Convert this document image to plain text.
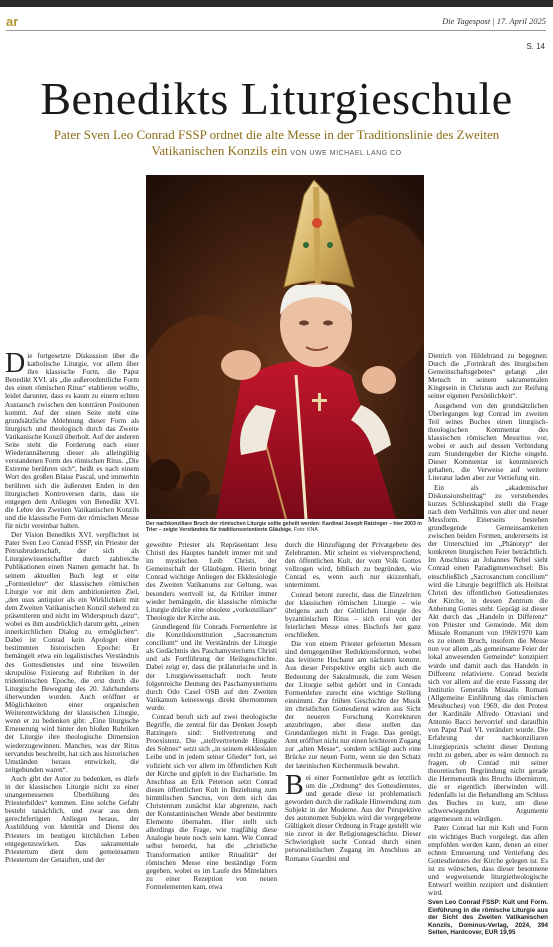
ar	Die Tagespost | 17. April 2025
S. 14
Benedikts Liturgieschule
Pater Sven Leo Conrad FSSP ordnet die alte Messe in der Traditionslinie des Zweiten Vatikanischen Konzils ein VON UWE MICHAEL LANG CO
Der nachkonziliare Bruch der römischen Liturgie sollte geheilt werden: Kardinal Joseph Ratzinger – hier 2003 in Trier – zeigte Verständnis für traditionsorientierte Gläubige. Foto: KNA

Die fortgesetzte Diskussion über die katholische Liturgie, vor allem über ihre klassische Form, die Papst Benedikt XVI. als „die außerordentliche Form des einen römischen Ritus“ etablieren wollte, leidet darunter, dass es kaum zu einem echten Austausch zwischen den konträren Positionen kommt. Auf der einen Seite steht eine grundsätzliche Ablehnung dieser Form als liturgisch und theologisch durch das Zweite Vatikanische Konzil überholt. Auf der anderen Seite steht die Forderung nach einer Wiederannäherung dieser als alleingültig verstandenen Form des römischen Ritus. „Die Extreme berühren sich“, heißt es nach einem Wort des großen Blaise Pascal, und immerhin berühren sich die äußersten Enden in den liturgischen Kontroversen darin, dass sie entgegen dem Anliegen von Benedikt XVI. die Lehre des Zweiten Vatikanischen Konzils und die klassische Form der römischen Messe für nicht vereinbar halten.

Der Vision Benedikts XVI. verpflichtet ist Pater Sven Leo Conrad FSSP, ein Priester der Petrusbruderschaft, der sich als Liturgiewissenschaftler durch zahlreiche Publikationen einen Namen gemacht hat. In seinem aktuellen Buch legt er eine „Formenlehre“ der klassischen römischen Liturgie vor mit dem ambitionierten Ziel, „den usus antiquior als ein Wirklichkeit mit dem Zweiten Vatikanischen Konzil stehend zu präsentieren und nicht im Widerspruch dazu“, wobei es ihm ausdrücklich darum geht, „einen innerkirchlichen Dialog zu ermöglichen“. Dabei ist Conrad kein Apologet einer bestimmten historischen Epoche: Er bemängelt etwa ein legalistisches Verständnis des Gottesdienstes und eine bisweilen skrupulöse Fixierung auf Rubriken in der tridentinischen Epoche, die erst durch die Liturgische Bewegung des 20. Jahrhunderts überwunden wurden. Auch eröffnet er Möglichkeiten einer organischen Weiterentwicklung der klassischen Liturgie, wenn er zu bedenken gibt: „Eine liturgische Erneuerung wird hinter den bloßen Rubriken der Liturgie ihre theologische Dimension wiederzugewinnen. Manches, was der Ritus servandus beschreibt, hat sich aus historischen Umständen heraus entwickelt, die zeitgebunden waren“.

Auch gibt der Autor zu bedenken, es dürfe in der klassischen Liturgie nicht zu einer unangemessenen Überhöhung des Priesterbildes“ kommen. Eine solche Gefahr besteht tatsächlich, und zwar aus dem gerechtfertigten Anliegen heraus, der Ausbildung von Identität und Dienst des Priesters im heutigen kirchlichen Leben entgegenzuwirken. Das sakramentale Priestertum dient dem gemeinsamen Priestertum der Getauften, und der

geweihte Priester als Repräsentant Jesu Christi des Hauptes handelt immer mit und im mystischen Leib Christi, der Gemeinschaft der Gläubigen. Hierin bringt Conrad wichtige Anliegen der Ekklesiologie des Zweiten Vatikanums zur Geltung, was besonders wertvoll ist, da Kritiker immer wieder bemängeln, die klassische römische Liturgie drücke eine obsolete „vorkonziliare“ Theologie der Kirche aus.

Grundlegend für Conrads Formenlehre ist die Konzilskonstitution „Sacrosanctum concilium“ und ihr Verständnis der Liturgie als Gedächtnis des Paschamysteriums Christi und als Fortführung der Heilsgeschichte. Dabei zeigt er, dass die prälaturische und in der Liturgiewissenschaft noch heute folgenreiche Deutung des Paschamysteriums durch Odo Casel OSB auf den Zweiten Vatikanum keineswegs direkt übernommen wurde.

Conrad beruft sich auf zwei theologische Begriffe, die zentral für das Denken Joseph Ratzingers sind: Stellvertretung und Proexistenz. Die „stellvertretende Hingabe des Sohnes“ setzt sich „in seinem ekklesialen Leibe und in jedem seiner Glieder“ fort, sei vollzieht sich vor allem im öffentlichen Kult der Kirche und gipfelt in der Eucharistie. Im Anschluss an Erik Peterson setzt Conrad diesen öffentlichen Kult in Beziehung zum himmlischen Sanctus, von dem sich das Christentum zunächst klar abgrenzte, nach der Konstantinischen Wende aber bestimmte Elemente übernahm. Hier stellt sich allerdings die Frage, wie tragfähig diese Analogie heute noch sein kann. Wie Conrad selbst bemerkt, hat die „christliche Transformation antiker Ritualität“ der römischen Messe eine beständige Form gegeben, wobei es im Laufe des Mittelalters zu einer Rezeption von neuen Formelementen kam, etwa

durch die Hinzufügung der Privatgebete des Zelebranten. Mir scheint es vielversprechend, den öffentlichen Kult, der vom Volk Gottes vollzogen wird, biblisch zu begründen, wie Conrad es, wenn auch nur skizzenhaft, unternimmt.

Conrad betont zurecht, dass die Einzelriten der klassischen römischen Liturgie – wie übrigens auch der Göttlichen Liturgie des byzantinischen Ritus – sich erst von der feierlichen Messe eines Bischofs her ganz erschließen.

Die von einem Priester gefeierten Messen sind demgegenüber Reduktionsformen, wobei das levitierte Hochamt am nächsten kommt. Aus dieser Perspektive ergibt sich auch die Bedeutung der Sakralmusik, die zum Wesen der Liturgie selbst gehört und in Conrads Formenlehre zurecht eine wichtige Stellung einnimmt. Zur frühen Geschichte der Musik im christlichen Gottesdienst wären aus Sicht der neueren Forschung Korrekturen anzubringen, aber diese stellen das Grundanliegen nicht in Frage. Das genügt, Amt eröffnet nicht nur einen leichteren Zugang zur „alten Messe“, sondern schlägt auch eine Brücke zur neuen Form, wenn sie den Schatz der lateinischen Kirchenmusik bewahrt.

Bei einer Formenlehre geht es letztlich um die „Ordnung“ des Gottesdienstes, und gerade diese ist problematisch geworden durch die radikale Hinwendung zum Subjekt in der Moderne. Aus der Perspektive des autonomen Subjekts wird die vorgegebene Gültigkeit dieser Ordnung in Frage gestellt wie nie zuvor in der Religionsgeschichte. Dieser Schwierigkeit sucht Conrad durch einen personalistischen Zugang im Anschluss an Romano Guardini und

Dietrich von Hildebrand zu begegnen: Durch die „Formkraft des liturgischen Gemeinschaftsgebetes“ gelangt „der Mensch in seinem sakramentalen Kingesein in Christus auch zur Reifung seiner eigenen Persönlichkeit“.

Ausgehend von den grundsätzlichen Überlegungen legt Conrad im zweiten Teil seines Buches einen liturgisch-theologischen Kommentar des klassischen römischen Messritus vor, wobei er auch auf dessen Verbindung zum Stundengebet der Kirche eingeht. Dieser Kommentar ist kenntnisreich gehalten, die Verweise auf weitere Literatur laden aber zur Vertiefung ein.

Ein als „akademischer Diskussionsbeitrag“ zu verstehendes kurzes Schlusskapitel stellt die Frage nach dem Verhältnis von alter und neuer Messform. Einerseits bestehen grundlegende Gemeinsamkeiten zwischen beiden Formen, andererseits ist der Unterschied im „Phänotyp“ der konkreten liturgischen Feier beträchtlich. Im Anschluss an Johannes Nebel sieht Conrad einen Paradigmenwechsel: Bis einschließlich „Sacrosanctum concilium“ wird die Liturgie begrifflich als Heilstat Christi des öffentlichen Gottesdienstes der Kirche, in dessen Zentrum die Anbetung Gottes steht. Geprägt ist dieser Akt durch das „Handeln in Differenz“ von Priester und Gemeinde. Mit dem Missale Romanum von 1969/1970 kam es zu einem Bruch, insofern die Messe nun vor allem „als gemeinsame Feier der lokal anwesenden Gemeinde“ konzipiert wurde und damit auch das Handeln in Differenz relativierte. Conrad bezieht sich vor allem auf die erste Fassung der Institutio Generalis Missalis Romani (Allgemeine Einführung das römischen Messbuches) von 1969, die den Protest der Kardinäle Alfredo Ottaviani und Antonio Bacci hervorrief und daraufhin von Papst Paul VI. verändert wurde. Die Erfahrung der nachkonziliaren Liturgiepraxis scheint dieser Deutung recht zu geben, aber es wäre dennoch zu fragen, ob Conrad mit seiner theoretischen Begründung nicht gerade die Hermeneutik des Bruchs übernimmt, die er eigentlich überwinden will. Jedenfalls ist die Behandlung am Schluss des Buches zu kurz, um diese schwerwiegenden Argumente angemessen zu würdigen.

Pater Conrad hat mit Kult und Form ein wichtiges Buch vorgelegt, das allen empfohlen werden kann, denen an einer echten Erneuerung und Vertiefung des Gottesdienstes der Kirche gelegen ist. Es ist zu wünschen, dass dieser besonnene und wegweisende liturgietheologische Entwurf weithin rezipiert und diskutiert wird.

Sven Leo Conrad FSSP: Kult und Form. Einführung in die römische Liturgie aus der Sicht des Zweiten Vatikanischen Konzils, Dominus-Verlag, 2024, 394 Seiten, Hardcover, EUR 19,95
